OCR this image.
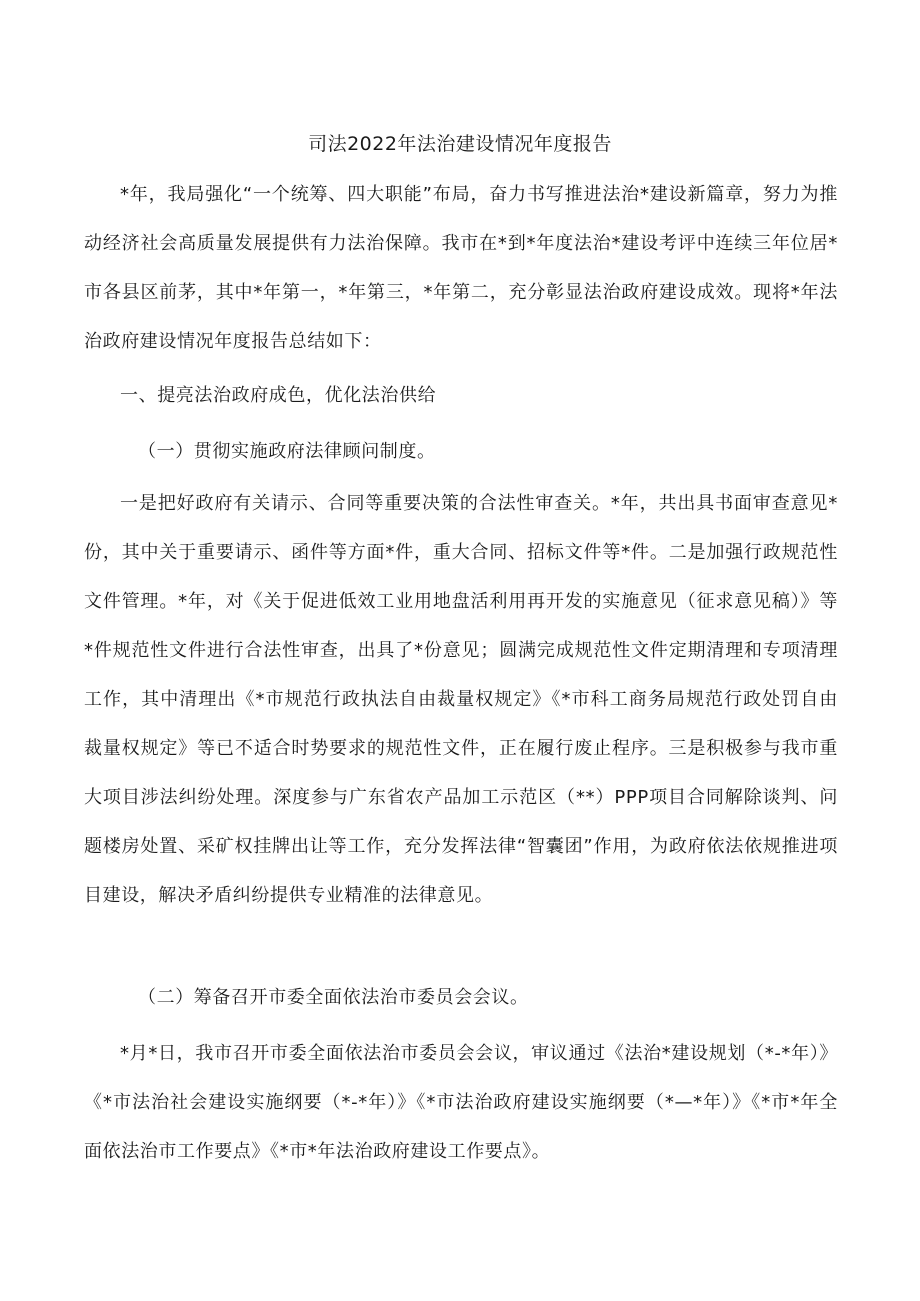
司法2022年法治建设情况年度报告

*年，我局强化“一个统筹、四大职能”布局，奋力书写推进法治*建设新篇章，努力为推动经济社会高质量发展提供有力法治保障。我市在*到*年度法治*建设考评中连续三年位居*市各县区前茅，其中*年第一，*年第三，*年第二，充分彰显法治政府建设成效。现将*年法治政府建设情况年度报告总结如下：

一、提亮法治政府成色，优化法治供给

（一）贯彻实施政府法律顾问制度。

一是把好政府有关请示、合同等重要决策的合法性审查关。*年，共出具书面审查意见*份，其中关于重要请示、函件等方面*件，重大合同、招标文件等*件。二是加强行政规范性文件管理。*年，对《关于促进低效工业用地盘活利用再开发的实施意见（征求意见稿）》等*件规范性文件进行合法性审查，出具了*份意见；圆满完成规范性文件定期清理和专项清理工作，其中清理出《*市规范行政执法自由裁量权规定》《*市科工商务局规范行政处罚自由裁量权规定》等已不适合时势要求的规范性文件，正在履行废止程序。三是积极参与我市重大项目涉法纠纷处理。深度参与广东省农产品加工示范区（**）PPP项目合同解除谈判、问题楼房处置、采矿权挂牌出让等工作，充分发挥法律“智囊团”作用，为政府依法依规推进项目建设，解决矛盾纠纷提供专业精准的法律意见。

（二）筹备召开市委全面依法治市委员会会议。

*月*日，我市召开市委全面依法治市委员会会议，审议通过《法治*建设规划（*-*年）》《*市法治社会建设实施纲要（*-*年）》《*市法治政府建设实施纲要（*—*年）》《*市*年全面依法治市工作要点》《*市*年法治政府建设工作要点》。
